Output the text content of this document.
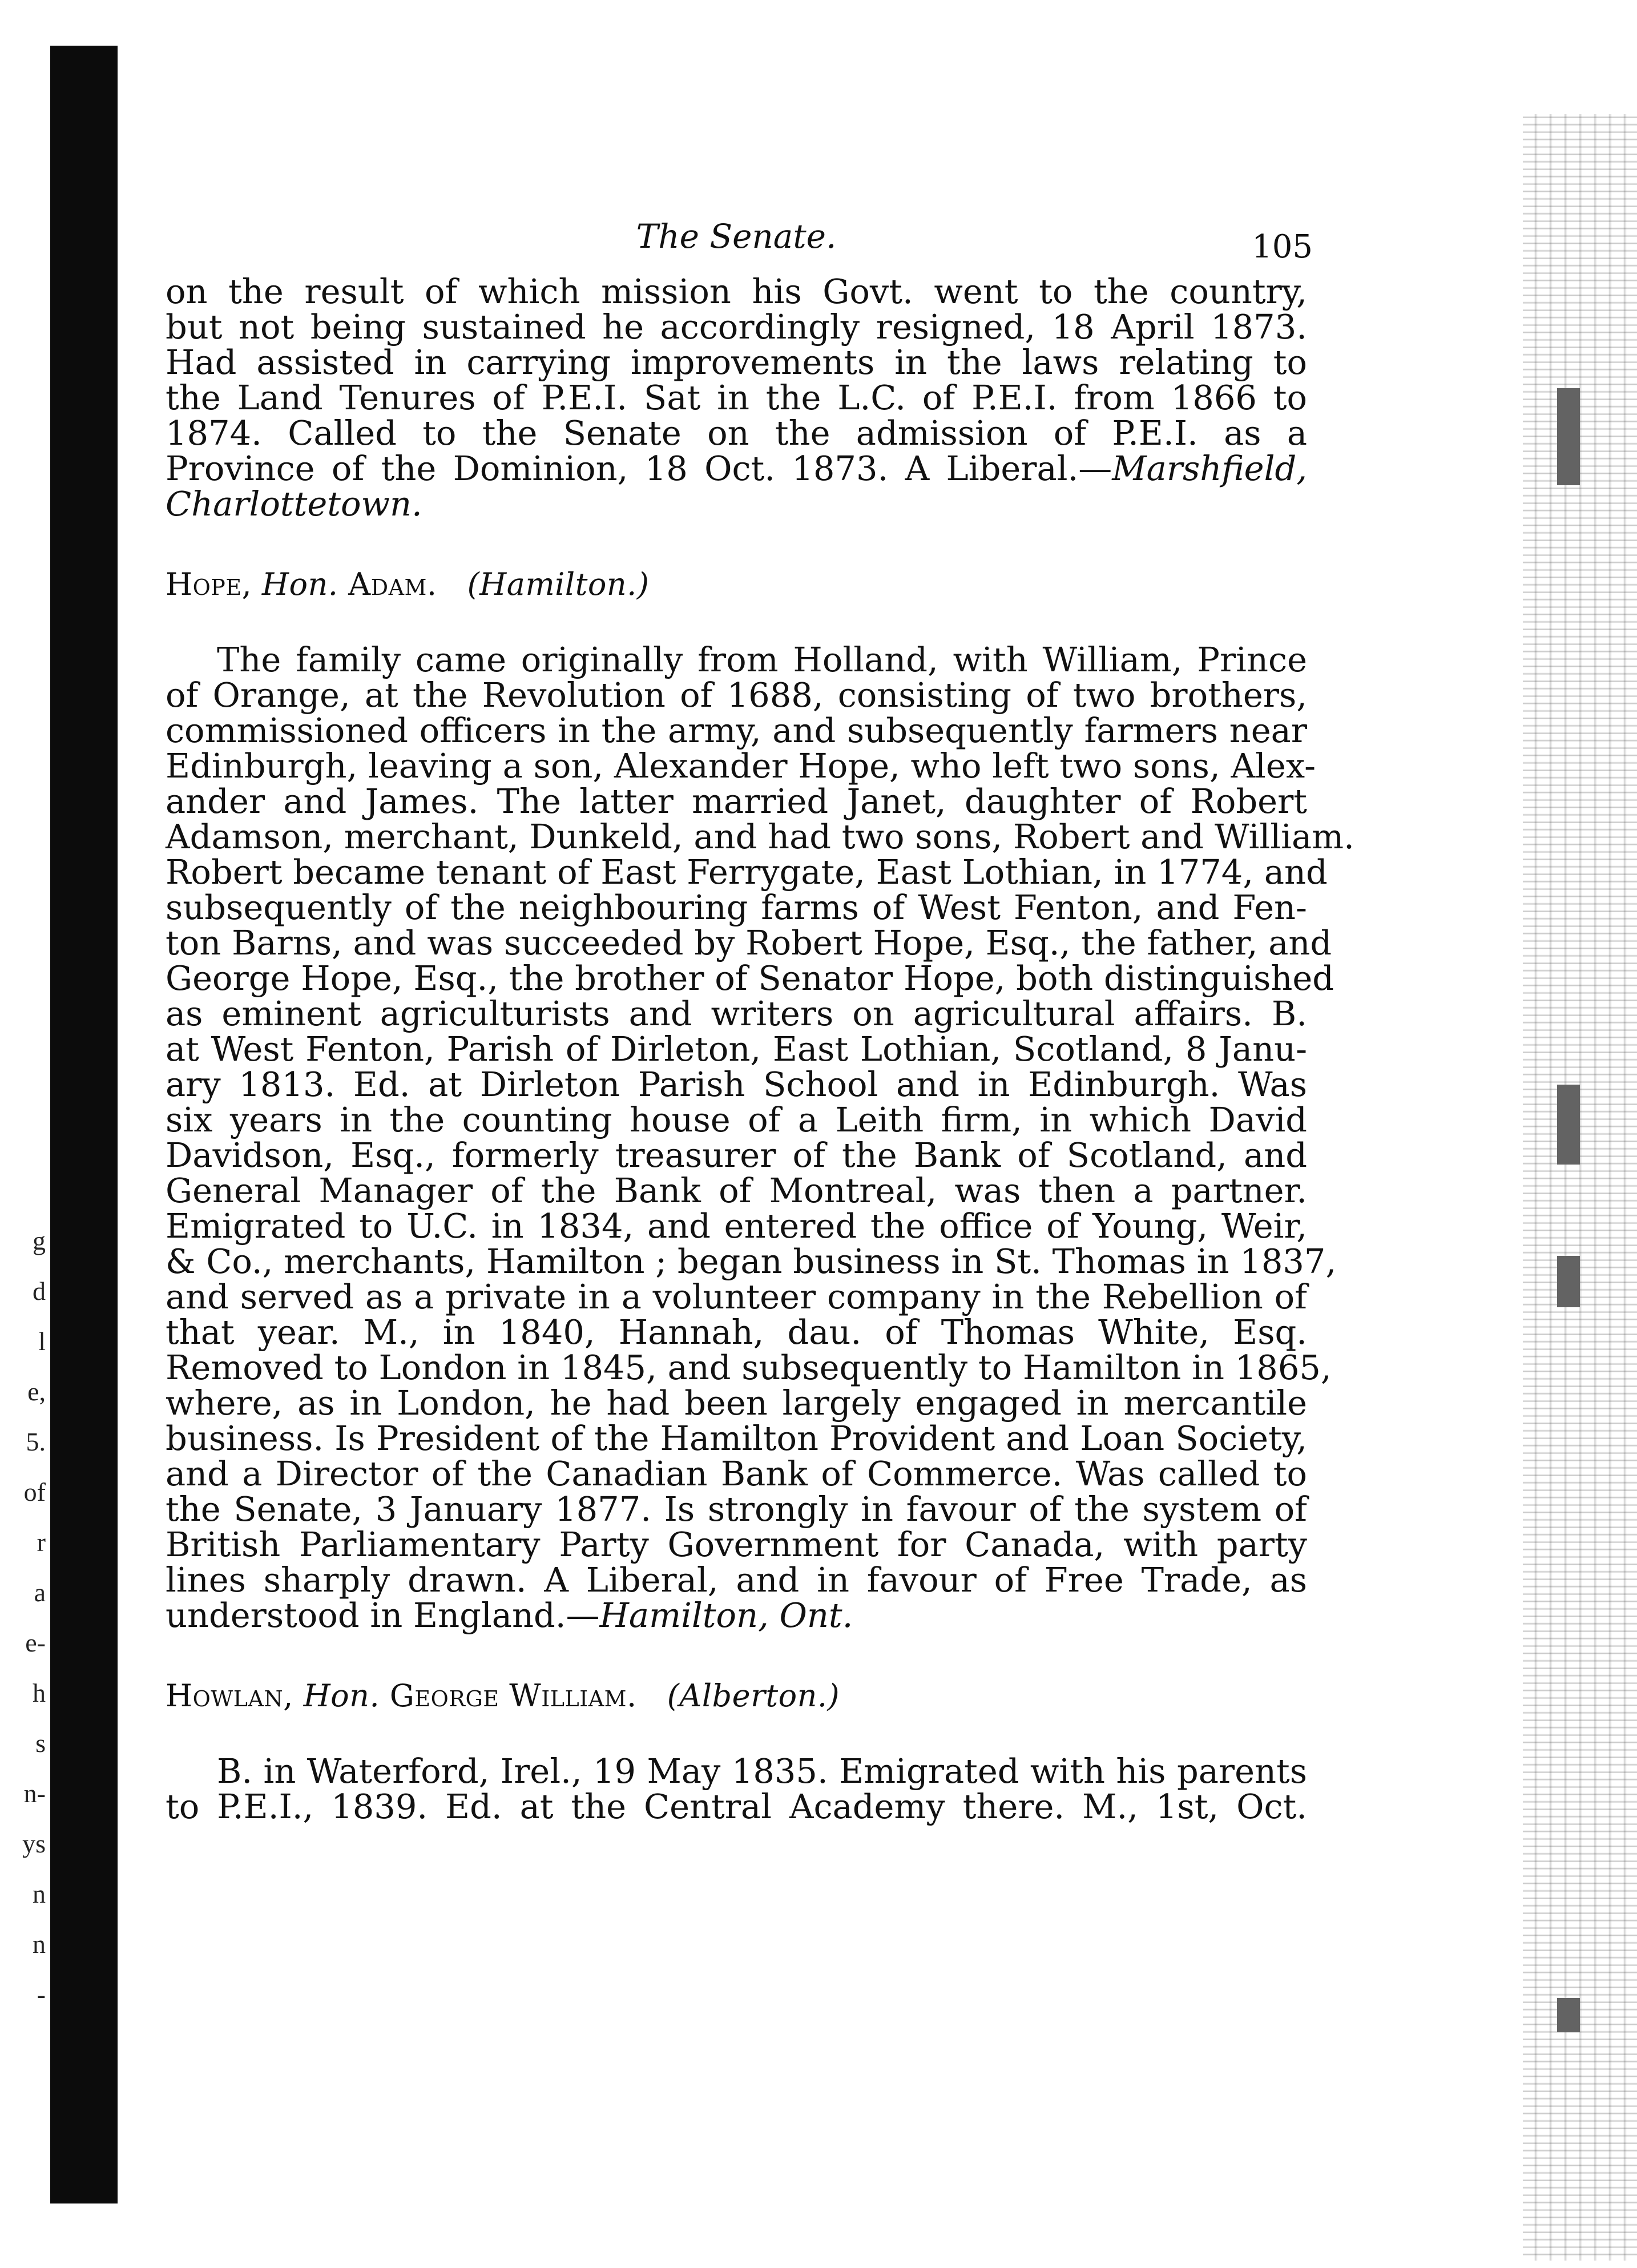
g
d
l
e,
5.
of
r
a
e-
h
s
n-
ys
n
n
-
The Senate.	105

on the result of which mission his Govt. went to the country,
but not being sustained he accordingly resigned, 18 April 1873.
Had assisted in carrying improvements in the laws relating to
the Land Tenures of P.E.I. Sat in the L.C. of P.E.I. from 1866 to
1874. Called to the Senate on the admission of P.E.I. as a
Province of the Dominion, 18 Oct. 1873. A Liberal.—Marshfield,
Charlottetown.

Hope, Hon. Adam. (Hamilton.)

The family came originally from Holland, with William, Prince
of Orange, at the Revolution of 1688, consisting of two brothers,
commissioned officers in the army, and subsequently farmers near
Edinburgh, leaving a son, Alexander Hope, who left two sons, Alex-
ander and James. The latter married Janet, daughter of Robert
Adamson, merchant, Dunkeld, and had two sons, Robert and William.
Robert became tenant of East Ferrygate, East Lothian, in 1774, and
subsequently of the neighbouring farms of West Fenton, and Fen-
ton Barns, and was succeeded by Robert Hope, Esq., the father, and
George Hope, Esq., the brother of Senator Hope, both distinguished
as eminent agriculturists and writers on agricultural affairs. B.
at West Fenton, Parish of Dirleton, East Lothian, Scotland, 8 Janu-
ary 1813. Ed. at Dirleton Parish School and in Edinburgh. Was
six years in the counting house of a Leith firm, in which David
Davidson, Esq., formerly treasurer of the Bank of Scotland, and
General Manager of the Bank of Montreal, was then a partner.
Emigrated to U.C. in 1834, and entered the office of Young, Weir,
& Co., merchants, Hamilton ; began business in St. Thomas in 1837,
and served as a private in a volunteer company in the Rebellion of
that year. M., in 1840, Hannah, dau. of Thomas White, Esq.
Removed to London in 1845, and subsequently to Hamilton in 1865,
where, as in London, he had been largely engaged in mercantile
business. Is President of the Hamilton Provident and Loan Society,
and a Director of the Canadian Bank of Commerce. Was called to
the Senate, 3 January 1877. Is strongly in favour of the system of
British Parliamentary Party Government for Canada, with party
lines sharply drawn. A Liberal, and in favour of Free Trade, as
understood in England.—Hamilton, Ont.

Howlan, Hon. George William. (Alberton.)

B. in Waterford, Irel., 19 May 1835. Emigrated with his parents
to P.E.I., 1839. Ed. at the Central Academy there. M., 1st, Oct.
